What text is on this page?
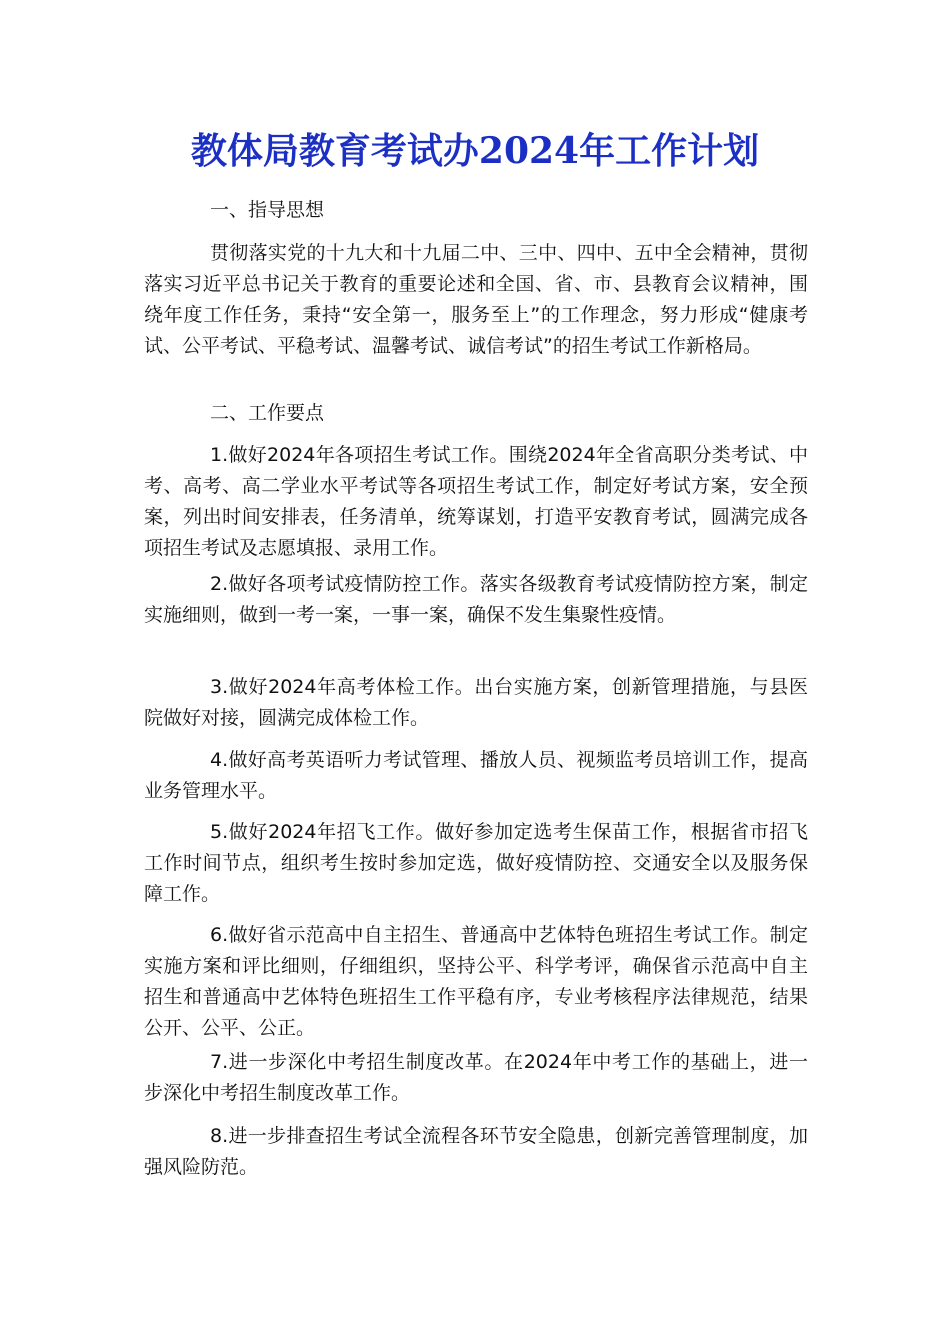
教体局教育考试办2024年工作计划
一、指导思想

贯彻落实党的十九大和十九届二中、三中、四中、五中全会精神，贯彻落实习近平总书记关于教育的重要论述和全国、省、市、县教育会议精神，围绕年度工作任务，秉持“安全第一，服务至上”的工作理念，努力形成“健康考试、公平考试、平稳考试、温馨考试、诚信考试”的招生考试工作新格局。

二、工作要点

1.做好2024年各项招生考试工作。围绕2024年全省高职分类考试、中考、高考、高二学业水平考试等各项招生考试工作，制定好考试方案，安全预案，列出时间安排表，任务清单，统筹谋划，打造平安教育考试，圆满完成各项招生考试及志愿填报、录用工作。

2.做好各项考试疫情防控工作。落实各级教育考试疫情防控方案，制定实施细则，做到一考一案，一事一案，确保不发生集聚性疫情。

3.做好2024年高考体检工作。出台实施方案，创新管理措施，与县医院做好对接，圆满完成体检工作。

4.做好高考英语听力考试管理、播放人员、视频监考员培训工作，提高业务管理水平。

5.做好2024年招飞工作。做好参加定选考生保苗工作，根据省市招飞工作时间节点，组织考生按时参加定选，做好疫情防控、交通安全以及服务保障工作。

6.做好省示范高中自主招生、普通高中艺体特色班招生考试工作。制定实施方案和评比细则，仔细组织，坚持公平、科学考评，确保省示范高中自主招生和普通高中艺体特色班招生工作平稳有序，专业考核程序法律规范，结果公开、公平、公正。

7.进一步深化中考招生制度改革。在2024年中考工作的基础上，进一步深化中考招生制度改革工作。

8.进一步排查招生考试全流程各环节安全隐患，创新完善管理制度，加强风险防范。
